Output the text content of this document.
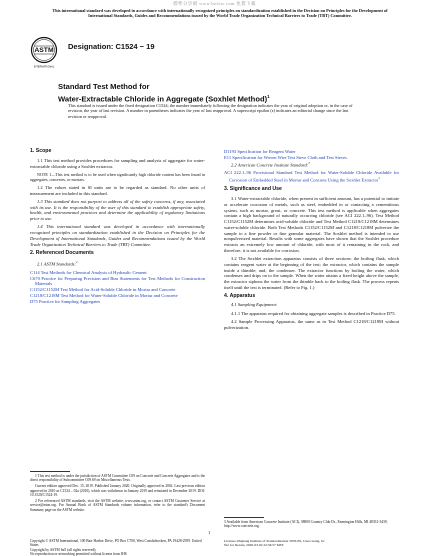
標準分享網 www.bzfxw.com 免費下載
This international standard was developed in accordance with internationally recognized principles on standardization established in the Decision on Principles for the Development of International Standards, Guides and Recommendations issued by the World Trade Organization Technical Barriers to Trade (TBT) Committee.
ASTM
INTERNATIONAL
Designation: C1524 − 19
Standard Test Method for
Water-Extractable Chloride in Aggregate (Soxhlet Method)$^1$
This standard is issued under the fixed designation C1524; the number immediately following the designation indicates the year of original adoption or, in the case of revision, the year of last revision. A number in parentheses indicates the year of last reapproval. A superscript epsilon (ε) indicates an editorial change since the last revision or reapproval.
1. Scope

1.1 This test method provides procedures for sampling and analysis of aggregate for water-extractable chloride using a Soxhlet extractor.

NOTE 1—This test method is to be used when significantly high chloride content has been found in aggregates, concretes, or mortars.

1.2 The values stated in SI units are to be regarded as standard. No other units of measurement are included in this standard.

1.3 This standard does not purport to address all of the safety concerns, if any, associated with its use. It is the responsibility of the user of this standard to establish appropriate safety, health, and environmental practices and determine the applicability of regulatory limitations prior to use.

1.4 This international standard was developed in accordance with internationally recognized principles on standardization established in the Decision on Principles for the Development of International Standards, Guides and Recommendations issued by the World Trade Organization Technical Barriers to Trade (TBT) Committee.

2. Referenced Documents

2.1 ASTM Standards:$^2$

C114 Test Methods for Chemical Analysis of Hydraulic Cement

C670 Practice for Preparing Precision and Bias Statements for Test Methods for Construction Materials

C1152/C1152M Test Method for Acid-Soluble Chloride in Mortar and Concrete

C1218/C1218M Test Method for Water-Soluble Chloride in Mortar and Concrete

D75 Practice for Sampling Aggregates

D1193 Specification for Reagent Water

E11 Specification for Woven Wire Test Sieve Cloth and Test Sieves

2.2 American Concrete Institute Standard:$^3$

ACI 222.1–96 Provisional Standard Test Method for Water-Soluble Chloride Available for Corrosion of Embedded Steel in Mortar and Concrete Using the Soxhlet Extractor$^3$

3. Significance and Use

3.1 Water-extractable chloride, when present in sufficient amount, has a potential to initiate or accelerate corrosion of metals, such as steel, embedded in or contacting a cementitious system, such as mortar, grout, or concrete. This test method is applicable when aggregates contain a high background of naturally occurring chloride (see ACI 222.1–96). Test Method C1152/C1152M determines acid-soluble chloride and Test Method C1218/C1218M determines water-soluble chloride. Both Test Methods C1152/C1152M and C1218/C1218M pulverize the sample to a fine powder or fine granular material. The Soxhlet method is intended to use nonpulverized material. Results with some aggregates have shown that the Soxhlet procedure extracts an extremely low amount of chloride, with most of it remaining in the rock, and therefore, it is not available for corrosion.

3.2 The Soxhlet extraction apparatus consists of three sections: the boiling flask, which contains reagent water at the beginning of the test; the extractor, which contains the sample inside a thimble; and, the condenser. The extractor functions by boiling the water, which condenses and drips on to the sample. When the water attains a fixed height above the sample, the extractor siphons the water from the thimble back to the boiling flask. The process repeats itself until the test is terminated. (Refer to Fig. 1.)

4. Apparatus

4.1 Sampling Equipment:

4.1.1 The apparatus required for obtaining aggregate samples is described in Practice D75.

4.2 Sample Processing Apparatus, the same as in Test Method C1218/C1218M without pulverization.

1 This test method is under the jurisdiction of ASTM Committee C09 on Concrete and Concrete Aggregates and is the direct responsibility of Subcommittee C09.69 on Miscellaneous Tests.

Current edition approved Dec. 15, 2019. Published January 2020. Originally approved in 2002. Last previous edition approved in 2010 as C1524 – 02a (2010), which was withdrawn in January 2019 and reinstated in December 2019. DOI: 10.1520/C1524-19.

2 For referenced ASTM standards, visit the ASTM website, www.astm.org, or contact ASTM Customer Service at service@astm.org. For Annual Book of ASTM Standards volume information, refer to the standard's Document Summary page on the ASTM website.

3 Available from American Concrete Institute (ACI), 38800 Country Club Dr., Farmington Hills, MI 48331-3439, http://www.concrete.org.
1
Copyright © ASTM International, 100 Barr Harbor Drive, PO Box C700, West Conshohocken, PA 19428-2959. United States
Copyright by ASTM Int'l (all rights reserved);
No reproduction or networking permitted without license from IHS
License=Zhejiang Institute of Standardization 5976181, User=wang, lw
Not for Resale, 2020-03-02 22:34:57 MST
